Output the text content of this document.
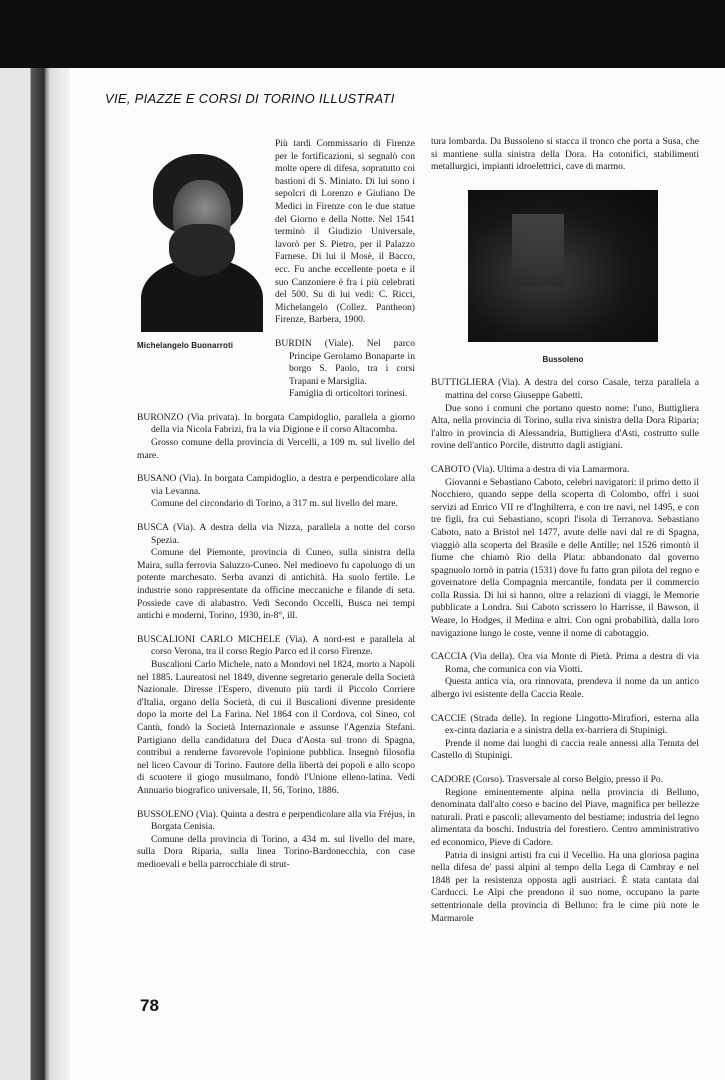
VIE, PIAZZE E CORSI DI TORINO ILLUSTRATI
Michelangelo Buonarroti

Più tardi Commissario di Firenze per le fortificazioni, si segnalò con molte opere di difesa, sopratutto coi bastioni di S. Miniato. Di lui sono i sepolcri di Lorenzo e Giuliano De Medici in Firenze con le due statue del Giorno e della Notte. Nel 1541 terminò il Giudizio Universale, lavorò per S. Pietro, per il Palazzo Farnese. Di lui il Mosè, il Bacco, ecc. Fu anche eccellente poeta e il suo Canzoniere è fra i più celebrati del 500. Su di lui vedi: C. Ricci, Michelangelo (Collez. Pantheon) Firenze, Barbera, 1900.

BURDIN (Viale). Nel parco Principe Gerolamo Bonaparte in borgo S. Paolo, tra i corsi Trapani e Marsiglia.

Famiglia di orticoltori torinesi.

BURONZO (Via privata). In borgata Campidoglio, parallela a giorno della via Nicola Fabrizi, fra la via Digione e il corso Altacomba.

Grosso comune della provincia di Vercelli, a 109 m. sul livello del mare.

BUSANO (Via). In borgata Campidoglio, a destra e perpendicolare alla via Levanna.

Comune del circondario di Torino, a 317 m. sul livello del mare.

BUSCA (Via). A destra della via Nizza, parallela a notte del corso Spezia.

Comune del Piemonte, provincia di Cuneo, sulla sinistra della Maira, sulla ferrovia Saluzzo-Cuneo. Nel medioevo fu capoluogo di un potente marchesato. Serba avanzi di antichità. Ha suolo fertile. Le industrie sono rappresentate da officine meccaniche e filande di seta. Possiede cave di alabastro. Vedi Secondo Occelli, Busca nei tempi antichi e moderni, Torino, 1930, in-8°, ill.

BUSCALIONI CARLO MICHELE (Via). A nord-est e parallela al corso Verona, tra il corso Regio Parco ed il corso Firenze.

Buscalioni Carlo Michele, nato a Mondovì nel 1824, morto a Napoli nel 1885. Laureatosi nel 1849, divenne segretario generale della Società Nazionale. Diresse l'Espero, divenuto più tardi il Piccolo Corriere d'Italia, organo della Società, di cui il Buscalioni divenne presidente dopo la morte del La Farina. Nel 1864 con il Cordova, col Sineo, col Cantù, fondò la Società Internazionale e assunse l'Agenzia Stefani. Partigiano della candidatura del Duca d'Aosta sul trono di Spagna, contribuì a renderne favorevole l'opinione pubblica. Insegnò filosofia nel liceo Cavour di Torino. Fautore della libertà dei popoli e allo scopo di scuotere il giogo musulmano, fondò l'Unione elleno-latina. Vedi Annuario biografico universale, II, 56, Torino, 1886.

BUSSOLENO (Via). Quinta a destra e perpendicolare alla via Fréjus, in Borgata Cenisia.

Comune della provincia di Torino, a 434 m. sul livello del mare, sulla Dora Riparia, sulla linea Torino-Bardonecchia, con case medioevali e bella parrocchiale di strut-

tura lombarda. Da Bussoleno si stacca il tronco che porta a Susa, che si mantiene sulla sinistra della Dora. Ha cotonifici, stabilimenti metallurgici, impianti idroelettrici, cave di marmo.

Bussoleno

BUTTIGLIERA (Via). A destra del corso Casale, terza parallela a mattina del corso Giuseppe Gabetti.

Due sono i comuni che portano questo nome: l'uno, Buttigliera Alta, nella provincia di Torino, sulla riva sinistra della Dora Riparia; l'altro in provincia di Alessandria, Buttigliera d'Asti, costrutto sulle rovine dell'antico Porcile, distrutto dagli astigiani.

CABOTO (Via). Ultima a destra di via Lamarmora.

Giovanni e Sebastiano Caboto, celebri navigatori: il primo detto il Nocchiero, quando seppe della scoperta di Colombo, offrì i suoi servizi ad Enrico VII re d'Inghilterra, e con tre navi, nel 1495, e con tre figli, fra cui Sebastiano, scoprì l'isola di Terranova. Sebastiano Caboto, nato a Bristol nel 1477, avute delle navi dal re di Spagna, viaggiò alla scoperta del Brasile e delle Antille; nel 1526 rimontò il fiume che chiamò Rio della Plata: abbandonato dal governo spagnuolo tornò in patria (1531) dove fu fatto gran pilota del regno e governatore della Compagnia mercantile, fondata per il commercio colla Russia. Di lui si hanno, oltre a relazioni di viaggi, le Memorie pubblicate a Londra. Sui Caboto scrissero lo Harrisse, il Bawson, il Weare, lo Hodges, il Medina e altri. Con ogni probabilità, dalla loro navigazione lungo le coste, venne il nome di cabotaggio.

CACCIA (Via della). Ora via Monte di Pietà. Prima a destra di via Roma, che comunica con via Viotti.

Questa antica via, ora rinnovata, prendeva il nome da un antico albergo ivi esistente della Caccia Reale.

CACCIE (Strada delle). In regione Lingotto-Mirafiori, esterna alla ex-cinta daziaria e a sinistra della ex-barriera di Stupinigi.

Prende il nome dai luoghi di caccia reale annessi alla Tenuta del Castello di Stupinigi.

CADORE (Corso). Trasversale al corso Belgio, presso il Po.

Regione eminentemente alpina nella provincia di Belluno, denominata dall'alto corso e bacino del Piave, magnifica per bellezze naturali. Prati e pascoli; allevamento del bestiame; industria del legno alimentata da boschi. Industria del forestiero. Centro amministrativo ed economico, Pieve di Cadore.

Patria di insigni artisti fra cui il Vecellio. Ha una gloriosa pagina nella difesa de' passi alpini al tempo della Lega di Cambray e nel 1848 per la resistenza opposta agli austriaci. È stata cantata dal Carducci. Le Alpi che prendono il suo nome, occupano la parte settentrionale della provincia di Belluno: fra le cime più note le Marmarole

78
